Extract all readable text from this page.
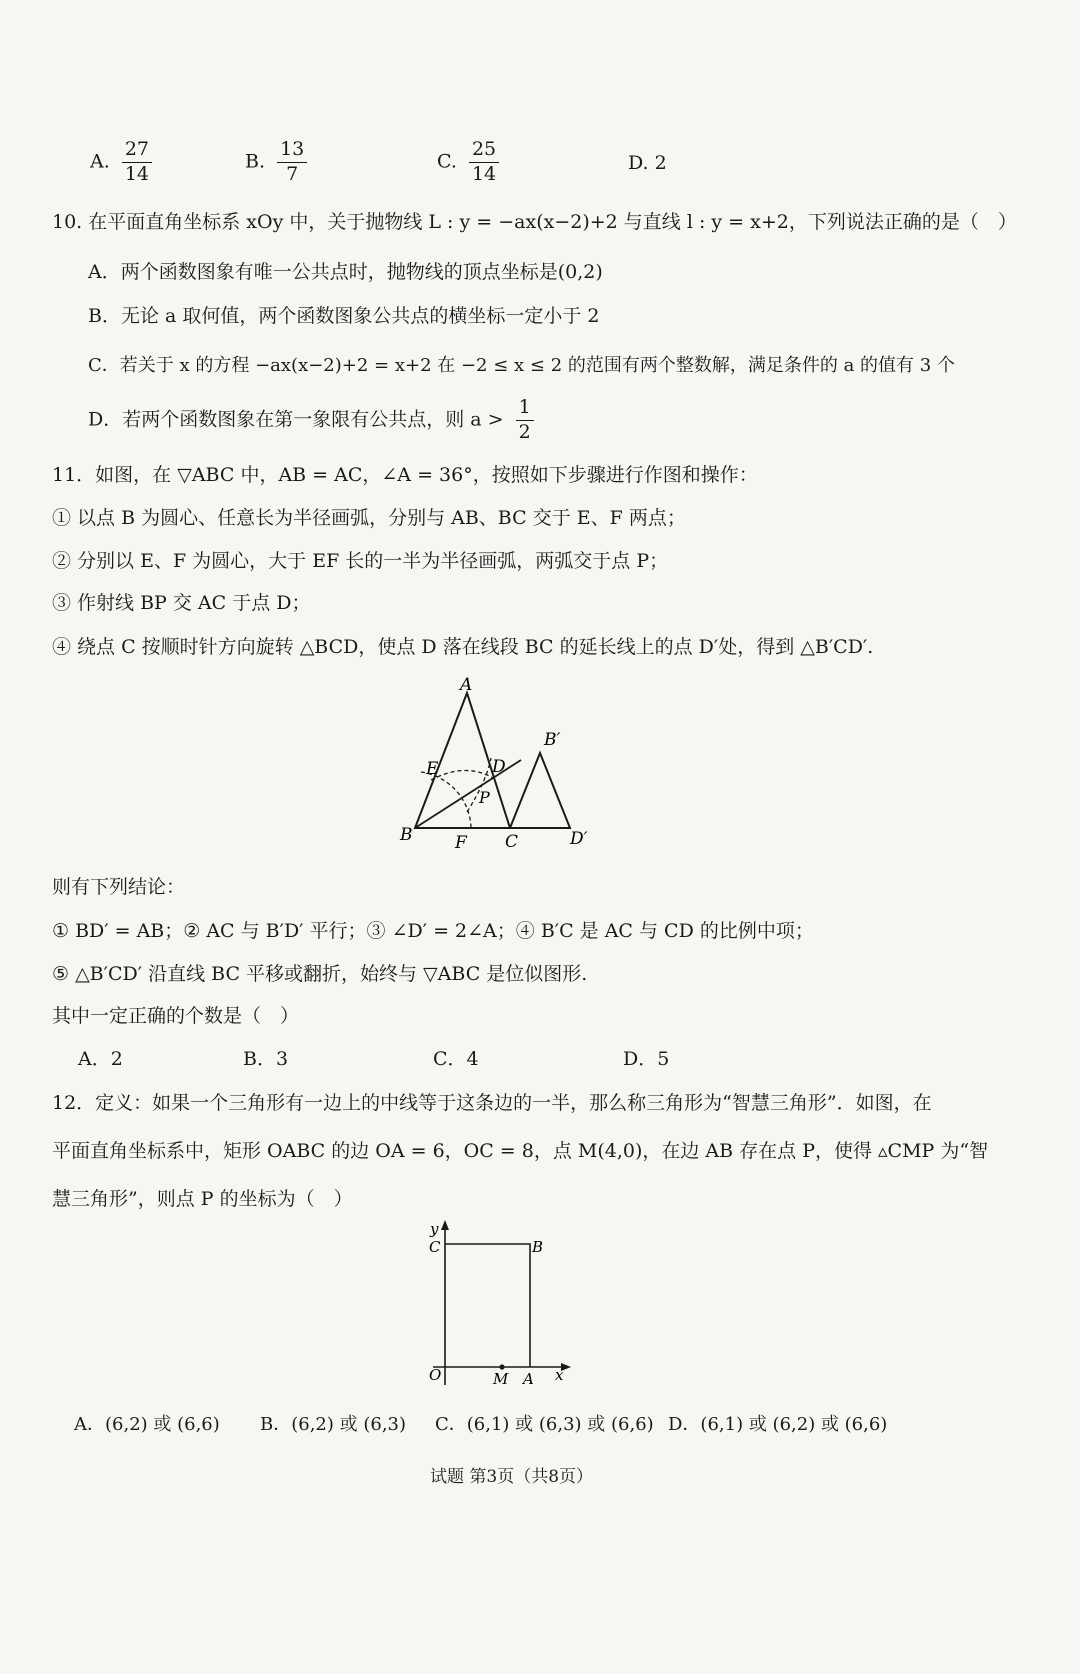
A. $\frac{27}{14}$	B. $\frac{13}{7}$	C. $\frac{25}{14}$	D. 2
10. 在平面直角坐标系 xOy 中，关于抛物线 L : y = −ax(x−2)+2 与直线 l : y = x+2，下列说法正确的是（　）
A．两个函数图象有唯一公共点时，抛物线的顶点坐标是(0,2)
B．无论 a 取何值，两个函数图象公共点的横坐标一定小于 2
C．若关于 x 的方程 −ax(x−2)+2 = x+2 在 −2 ≤ x ≤ 2 的范围有两个整数解，满足条件的 a 的值有 3 个
D．若两个函数图象在第一象限有公共点，则 $a > \frac{1}{2}$
11．如图，在 ▽ABC 中，AB = AC，∠A = 36°，按照如下步骤进行作图和操作：
① 以点 B 为圆心、任意长为半径画弧，分别与 AB、BC 交于 E、F 两点；
② 分别以 E、F 为圆心，大于 EF 长的一半为半径画弧，两弧交于点 P；
③ 作射线 BP 交 AC 于点 D；
④ 绕点 C 按顺时针方向旋转 △BCD，使点 D 落在线段 BC 的延长线上的点 D′处，得到 △B′CD′.
A
B	C
D
E
F
P
B′
D′
则有下列结论：
① BD′ = AB；② AC 与 B′D′ 平行；③ ∠D′ = 2∠A；④ B′C 是 AC 与 CD 的比例中项；
⑤ △B′CD′ 沿直线 BC 平移或翻折，始终与 ▽ABC 是位似图形.
其中一定正确的个数是（　）
A．2	B．3	C．4	D．5
12．定义：如果一个三角形有一边上的中线等于这条边的一半，那么称三角形为“智慧三角形”．如图，在
平面直角坐标系中，矩形 OABC 的边 OA = 6，OC = 8，点 M(4,0)，在边 AB 存在点 P，使得 ▵CMP 为“智
慧三角形”，则点 P 的坐标为（　）
y
C	B
O	M A x
A．(6,2) 或 (6,6) B．(6,2) 或 (6,3) C．(6,1) 或 (6,3) 或 (6,6) D．(6,1) 或 (6,2) 或 (6,6)
试题 第3页（共8页）
